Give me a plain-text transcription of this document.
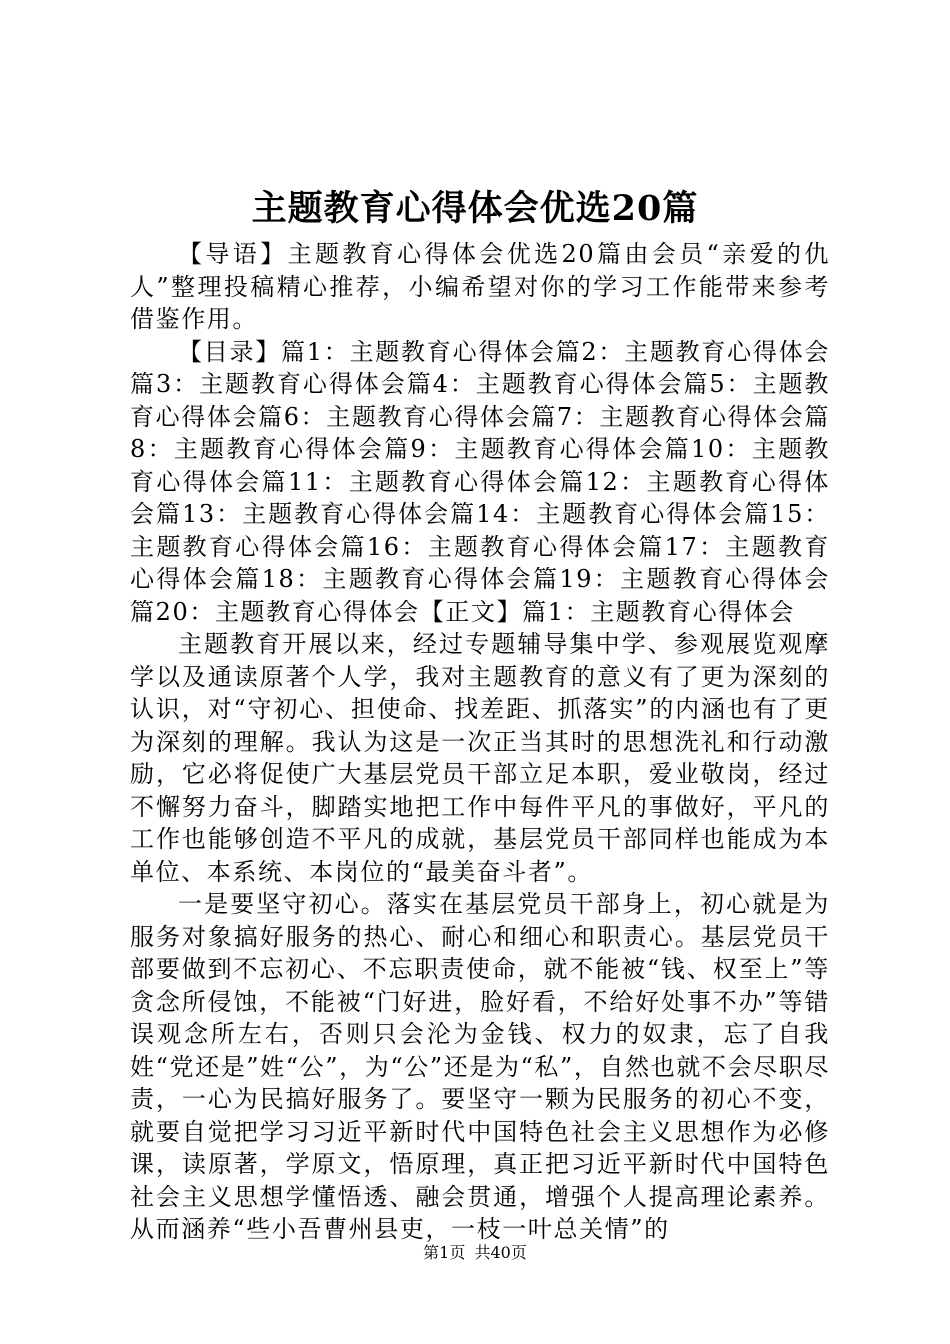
主题教育心得体会优选20篇

【导语】主题教育心得体会优选20篇由会员“亲爱的仇人”整理投稿精心推荐，小编希望对你的学习工作能带来参考借鉴作用。

【目录】篇1：主题教育心得体会篇2：主题教育心得体会篇3：主题教育心得体会篇4：主题教育心得体会篇5：主题教育心得体会篇6：主题教育心得体会篇7：主题教育心得体会篇8：主题教育心得体会篇9：主题教育心得体会篇10：主题教育心得体会篇11：主题教育心得体会篇12：主题教育心得体会篇13：主题教育心得体会篇14：主题教育心得体会篇15：主题教育心得体会篇16：主题教育心得体会篇17：主题教育心得体会篇18：主题教育心得体会篇19：主题教育心得体会篇20：主题教育心得体会【正文】篇1：主题教育心得体会

主题教育开展以来，经过专题辅导集中学、参观展览观摩学以及通读原著个人学，我对主题教育的意义有了更为深刻的认识，对“守初心、担使命、找差距、抓落实”的内涵也有了更为深刻的理解。我认为这是一次正当其时的思想洗礼和行动激励，它必将促使广大基层党员干部立足本职，爱业敬岗，经过不懈努力奋斗，脚踏实地把工作中每件平凡的事做好，平凡的工作也能够创造不平凡的成就，基层党员干部同样也能成为本单位、本系统、本岗位的“最美奋斗者”。

一是要坚守初心。落实在基层党员干部身上，初心就是为服务对象搞好服务的热心、耐心和细心和职责心。基层党员干部要做到不忘初心、不忘职责使命，就不能被“钱、权至上”等贪念所侵蚀，不能被“门好进，脸好看，不给好处事不办”等错误观念所左右，否则只会沦为金钱、权力的奴隶，忘了自我姓“党还是”姓“公”，为“公”还是为“私”，自然也就不会尽职尽责，一心为民搞好服务了。要坚守一颗为民服务的初心不变，就要自觉把学习习近平新时代中国特色社会主义思想作为必修课，读原著，学原文，悟原理，真正把习近平新时代中国特色社会主义思想学懂悟透、融会贯通，增强个人提高理论素养。从而涵养“些小吾曹州县吏，一枝一叶总关情”的

第1页 共40页
